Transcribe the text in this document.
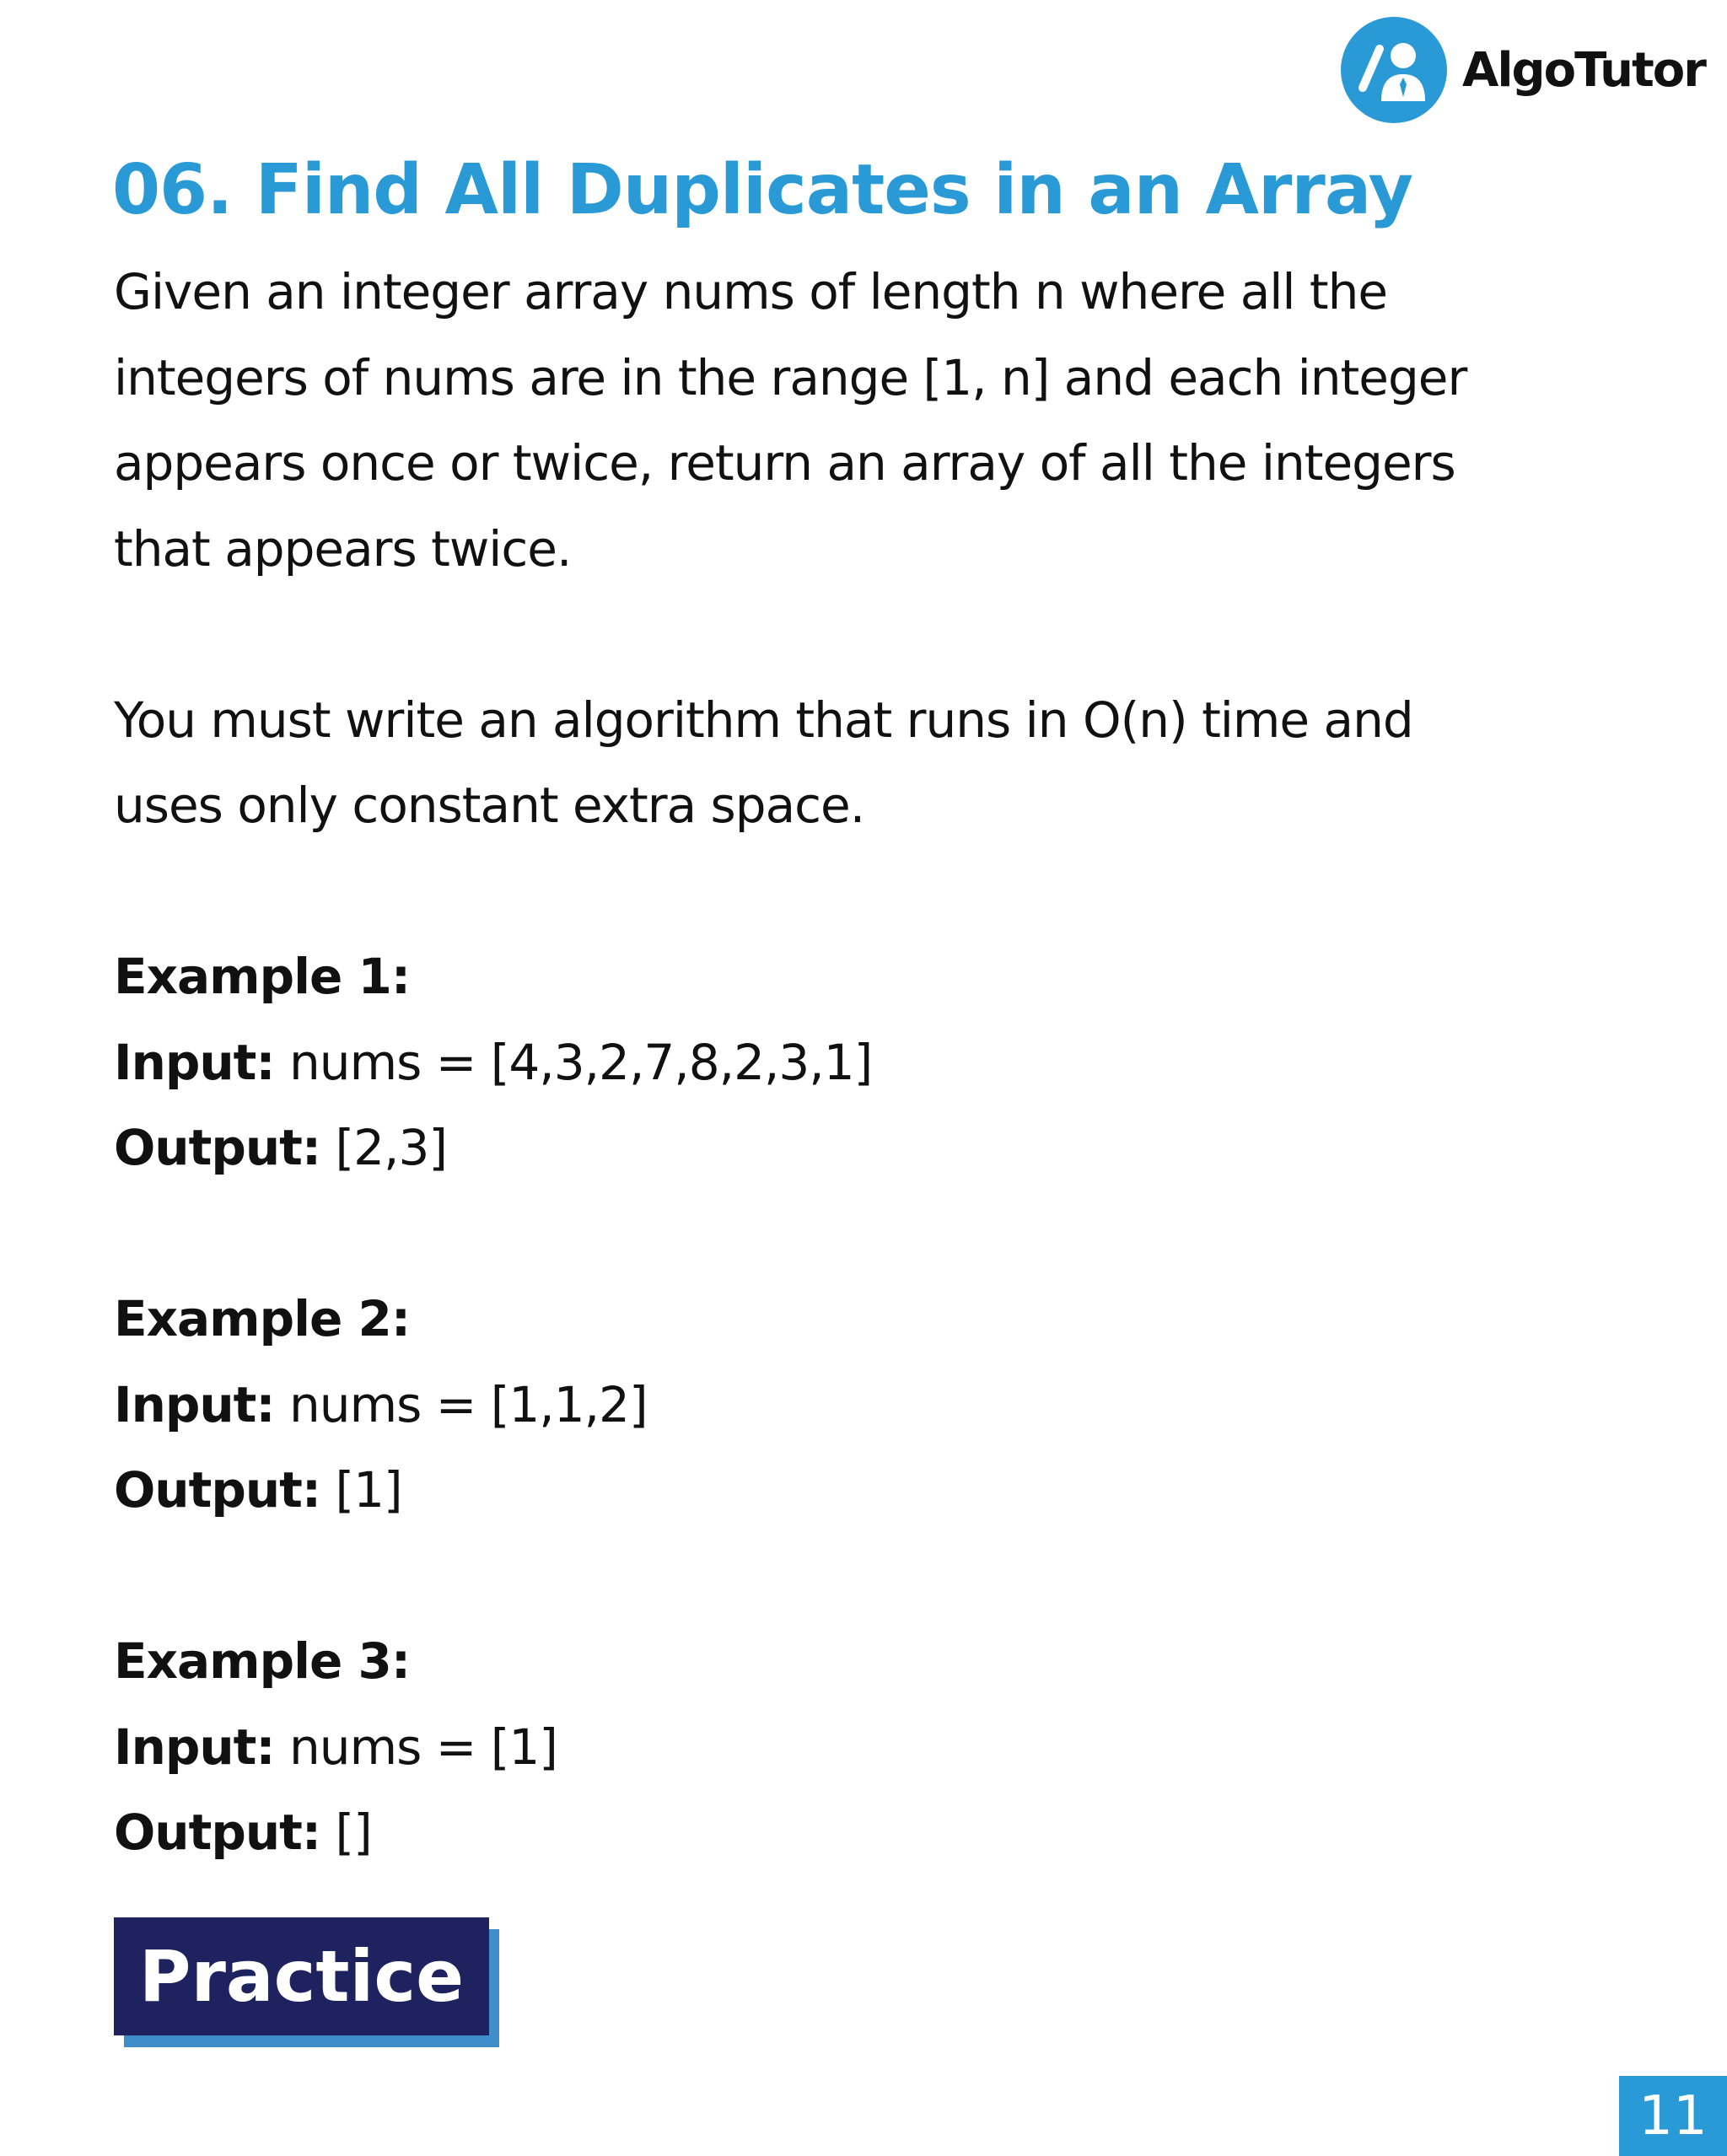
AlgoTutor
06. Find All Duplicates in an Array
Given an integer array nums of length n where all the
integers of nums are in the range [1, n] and each integer
appears once or twice, return an array of all the integers
that appears twice.
You must write an algorithm that runs in O(n) time and
uses only constant extra space.
Example 1:
Input: nums = [4,3,2,7,8,2,3,1]
Output: [2,3]
Example 2:
Input: nums = [1,1,2]
Output: [1]
Example 3:
Input: nums = [1]
Output: []
Practice
11
